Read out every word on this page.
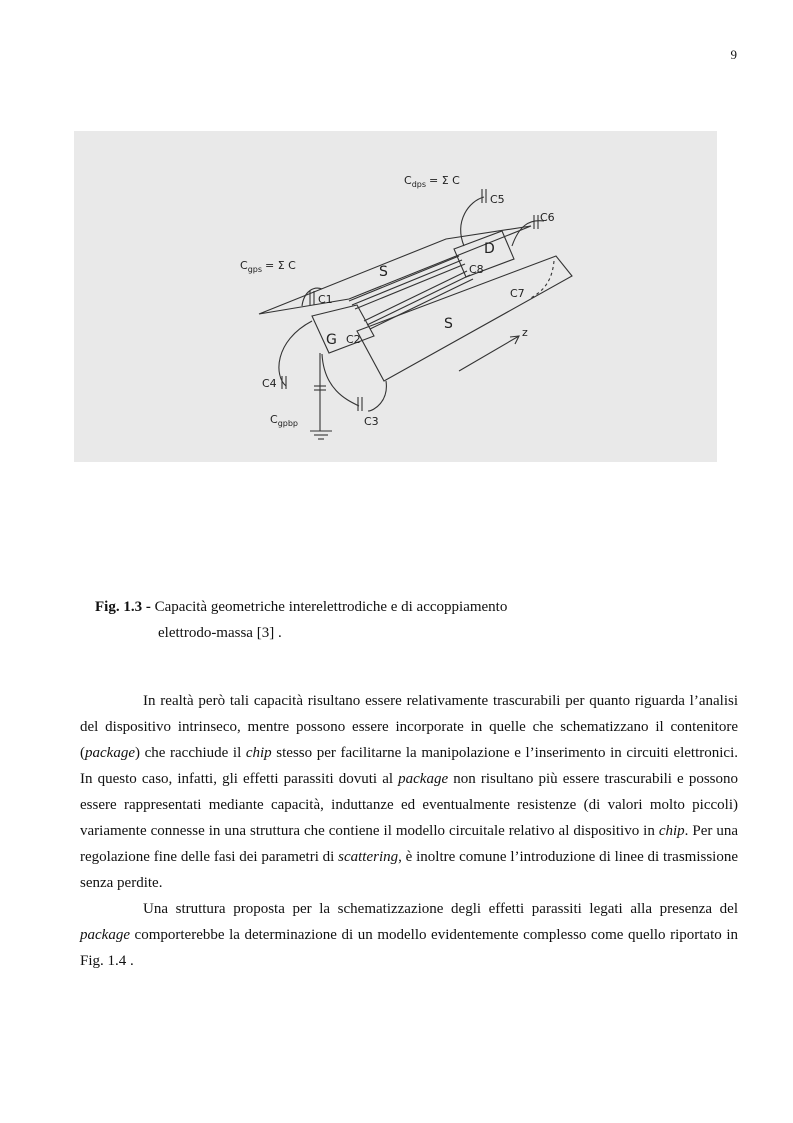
9
$C_{dps} = \Sigma$ C
$C_{gps} = \Sigma$ C
$C_{gpbp}$
S
S
G
D
z
C1
C2
C3
C4
C5
C6
C7
C8
Fig. 1.3 - Capacità geometriche interelettrodiche e di accoppiamento
elettrodo-massa [3] .

In realtà però tali capacità risultano essere relativamente trascurabili per quanto riguarda l’analisi del dispositivo intrinseco, mentre possono essere incorporate in quelle che schematizzano il contenitore (package) che racchiude il chip stesso per facilitarne la manipolazione e l’inserimento in circuiti elettronici. In questo caso, infatti, gli effetti parassiti dovuti al package non risultano più essere trascurabili e possono essere rappresentati mediante capacità, induttanze ed eventualmente resistenze (di valori molto piccoli) variamente connesse in una struttura che contiene il modello circuitale relativo al dispositivo in chip. Per una regolazione fine delle fasi dei parametri di scattering, è inoltre comune l’introduzione di linee di trasmissione senza perdite.

Una struttura proposta per la schematizzazione degli effetti parassiti legati alla presenza del package comporterebbe la determinazione di un modello evidentemente complesso come quello riportato in Fig. 1.4 .
